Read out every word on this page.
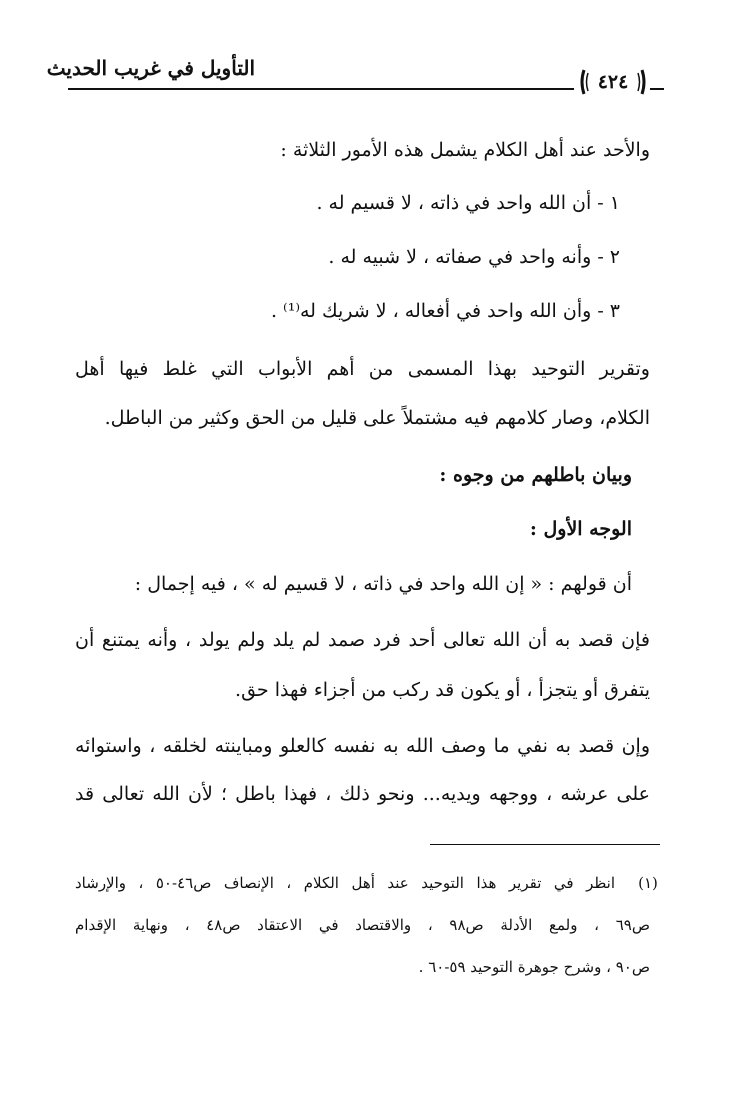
التأويل في غريب الحديث
٤٢٤
والأحد عند أهل الكلام يشمل هذه الأمور الثلاثة :
١ - أن الله واحد في ذاته ، لا قسيم له .
٢ - وأنه واحد في صفاته ، لا شبيه له .
٣ - وأن الله واحد في أفعاله ، لا شريك له⁽¹⁾ .
وتقرير التوحيد بهذا المسمى من أهم الأبواب التي غلط فيها أهل
الكلام، وصار كلامهم فيه مشتملاً على قليل من الحق وكثير من الباطل.
وبيان باطلهم من وجوه :
الوجه الأول :
أن قولهم : « إن الله واحد في ذاته ، لا قسيم له » ، فيه إجمال :
فإن قصد به أن الله تعالى أحد فرد صمد لم يلد ولم يولد ، وأنه يمتنع أن
يتفرق أو يتجزأ ، أو يكون قد ركب من أجزاء فهذا حق.
وإن قصد به نفي ما وصف الله به نفسه كالعلو ومباينته لخلقه ، واستوائه
على عرشه ، ووجهه ويديه... ونحو ذلك ، فهذا باطل ؛ لأن الله تعالى قد
(١)
انظر في تقرير هذا التوحيد عند أهل الكلام ، الإنصاف ص٤٦-٥٠ ، والإرشاد
ص٦٩ ، ولمع الأدلة ص٩٨ ، والاقتصاد في الاعتقاد ص٤٨ ، ونهاية الإقدام
ص٩٠ ، وشرح جوهرة التوحيد ٥٩-٦٠ .
